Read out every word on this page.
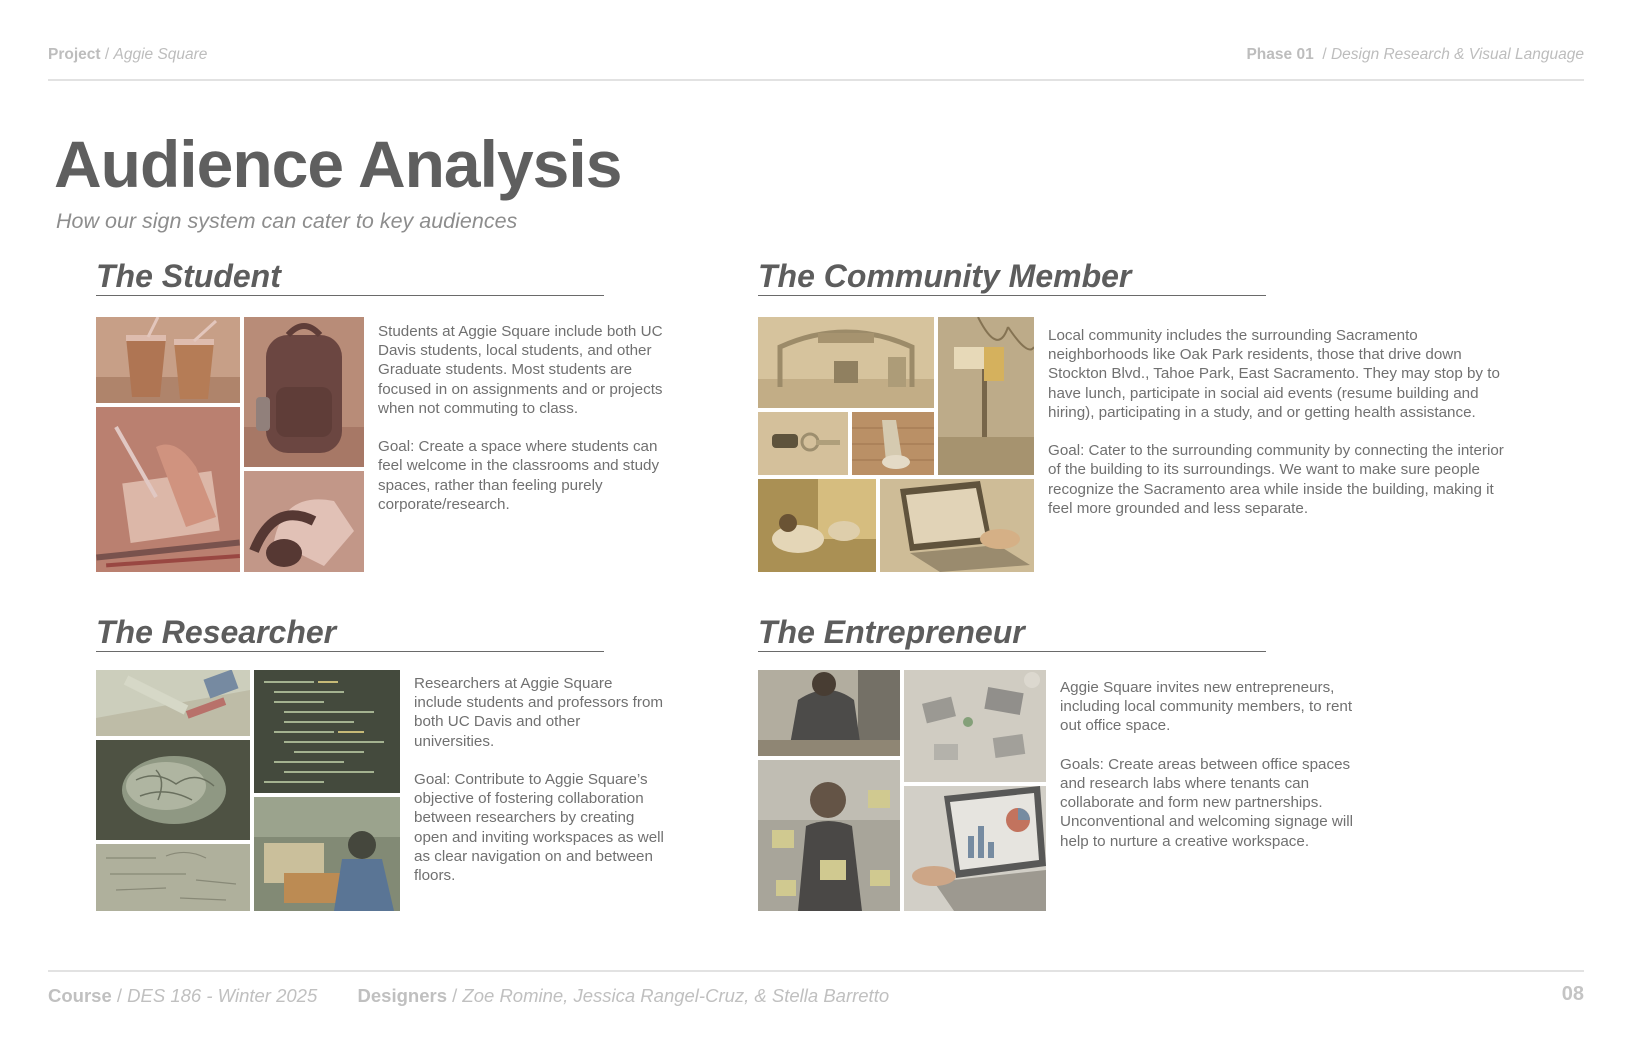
Project / Aggie Square	Phase 01 / Design Research & Visual Language
Audience Analysis
How our sign system can cater to key audiences
The Student

Students at Aggie Square include both UC Davis students, local students, and other Graduate students. Most students are focused in on assignments and or projects when not commuting to class.

Goal: Create a space where students can feel welcome in the classrooms and study spaces, rather than feeling purely corporate/research.

The Community Member

Local community includes the surrounding Sacramento neighborhoods like Oak Park residents, those that drive down Stockton Blvd., Tahoe Park, East Sacramento. They may stop by to have lunch, participate in social aid events (resume building and hiring), participating in a study, and or getting health assistance.

Goal: Cater to the surrounding community by connecting the interior of the building to its surroundings. We want to make sure people recognize the Sacramento area while inside the building, making it feel more grounded and less separate.

The Researcher

Researchers at Aggie Square include students and professors from both UC Davis and other universities.

Goal: Contribute to Aggie Square’s objective of fostering collaboration between researchers by creating open and inviting workspaces as well as clear navigation on and between floors.

The Entrepreneur

Aggie Square invites new entrepreneurs, including local community members, to rent out office space.

Goals: Create areas between office spaces and research labs where tenants can collaborate and form new partnerships. Unconventional and welcoming signage will help to nurture a creative workspace.

Course / DES 186 - Winter 2025 Designers / Zoe Romine, Jessica Rangel-Cruz, & Stella Barretto	08
